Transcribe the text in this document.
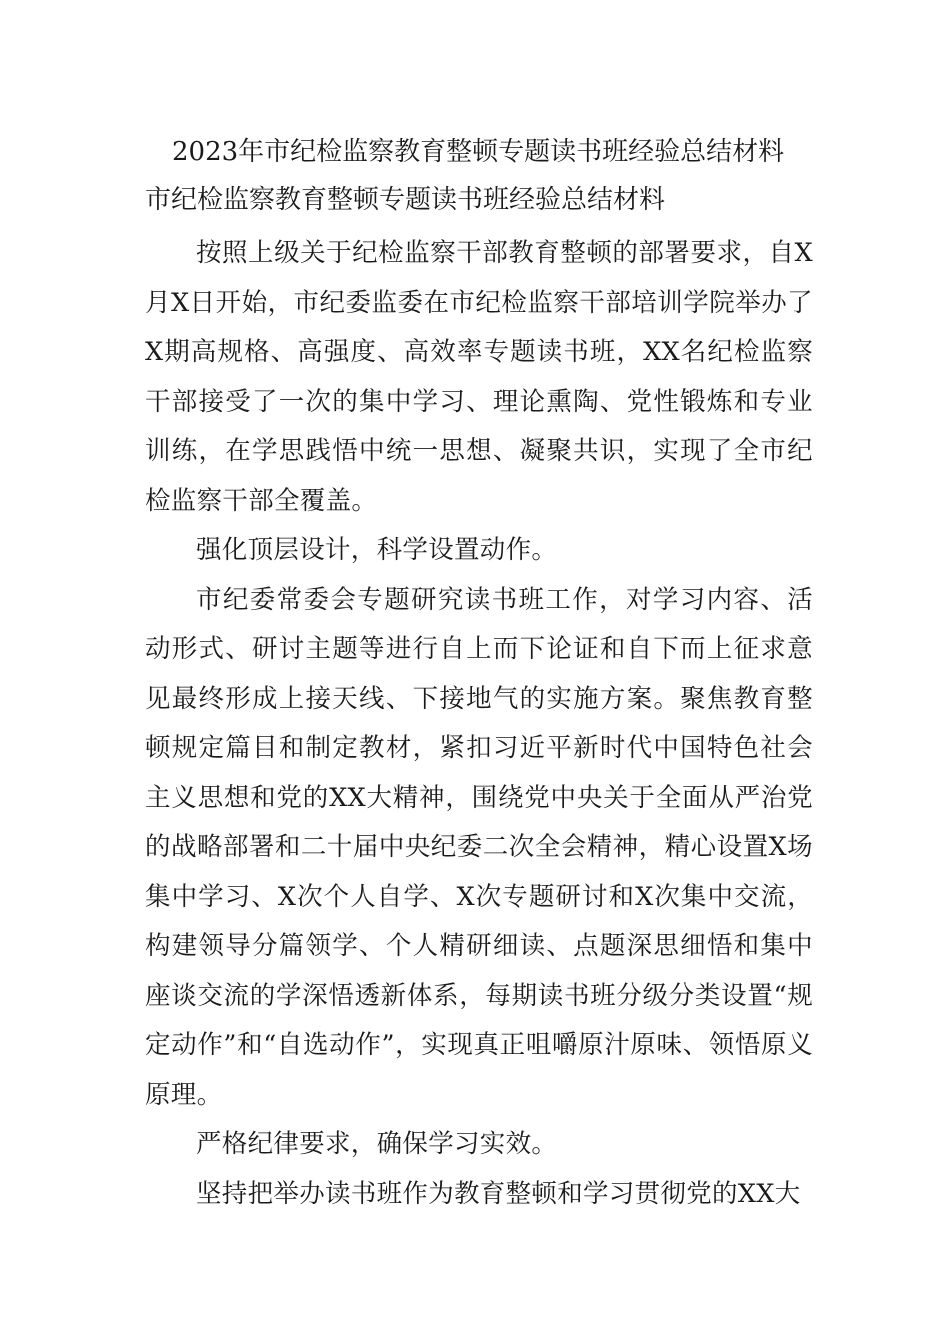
2023年市纪检监察教育整顿专题读书班经验总结材料
市纪检监察教育整顿专题读书班经验总结材料

按照上级关于纪检监察干部教育整顿的部署要求，自X月X日开始，市纪委监委在市纪检监察干部培训学院举办了X期高规格、高强度、高效率专题读书班，XX名纪检监察干部接受了一次的集中学习、理论熏陶、党性锻炼和专业训练，在学思践悟中统一思想、凝聚共识，实现了全市纪检监察干部全覆盖。

强化顶层设计，科学设置动作。

市纪委常委会专题研究读书班工作，对学习内容、活动形式、研讨主题等进行自上而下论证和自下而上征求意见最终形成上接天线、下接地气的实施方案。聚焦教育整顿规定篇目和制定教材，紧扣习近平新时代中国特色社会主义思想和党的XX大精神，围绕党中央关于全面从严治党的战略部署和二十届中央纪委二次全会精神，精心设置X场集中学习、X次个人自学、X次专题研讨和X次集中交流，构建领导分篇领学、个人精研细读、点题深思细悟和集中座谈交流的学深悟透新体系，每期读书班分级分类设置“规定动作”和“自选动作”，实现真正咀嚼原汁原味、领悟原义原理。

严格纪律要求，确保学习实效。

坚持把举办读书班作为教育整顿和学习贯彻党的XX大
